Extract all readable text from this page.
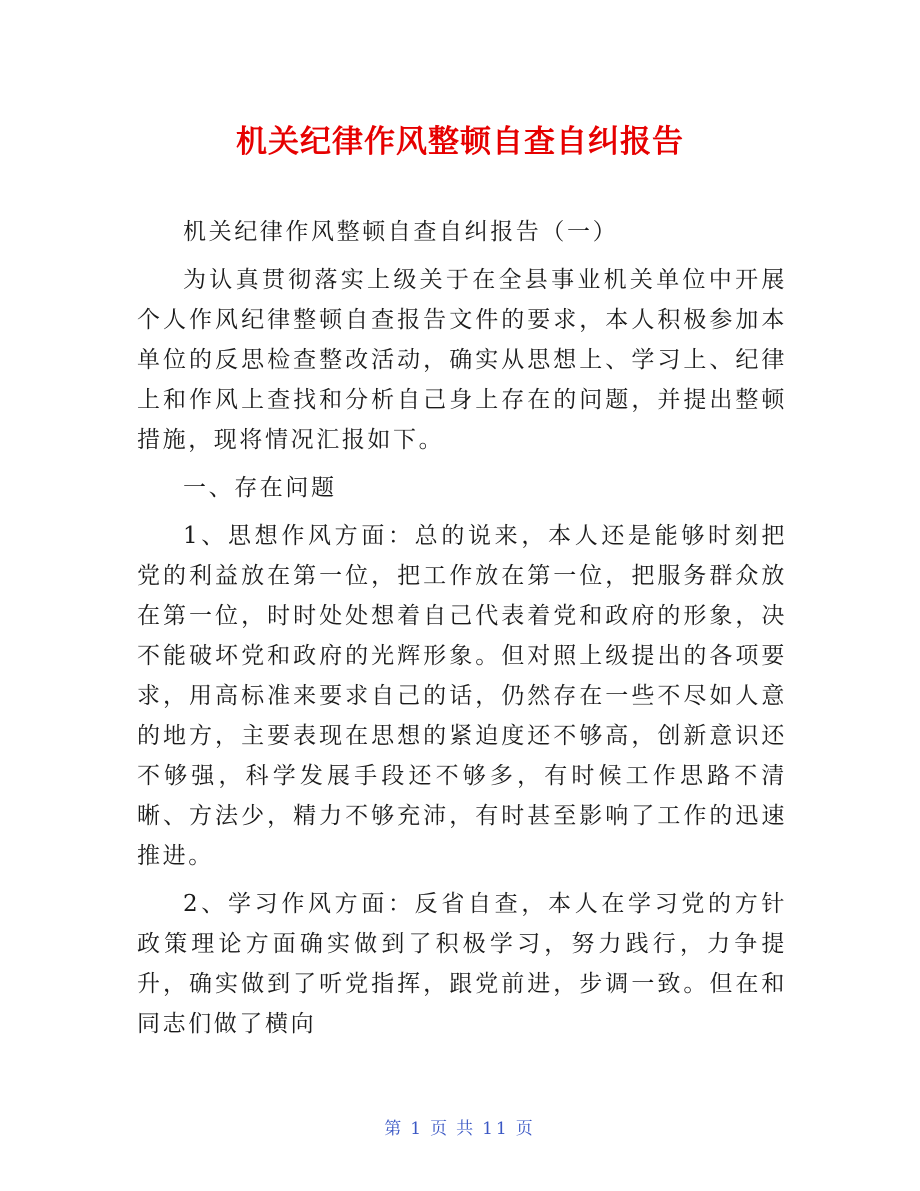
机关纪律作风整顿自查自纠报告

机关纪律作风整顿自查自纠报告（一）

为认真贯彻落实上级关于在全县事业机关单位中开展个人作风纪律整顿自查报告文件的要求，本人积极参加本单位的反思检查整改活动，确实从思想上、学习上、纪律上和作风上查找和分析自己身上存在的问题，并提出整顿措施，现将情况汇报如下。

一、存在问题

1、思想作风方面：总的说来，本人还是能够时刻把党的利益放在第一位，把工作放在第一位，把服务群众放在第一位，时时处处想着自己代表着党和政府的形象，决不能破坏党和政府的光辉形象。但对照上级提出的各项要求，用高标准来要求自己的话，仍然存在一些不尽如人意的地方，主要表现在思想的紧迫度还不够高，创新意识还不够强，科学发展手段还不够多，有时候工作思路不清晰、方法少，精力不够充沛，有时甚至影响了工作的迅速推进。

2、学习作风方面：反省自查，本人在学习党的方针政策理论方面确实做到了积极学习，努力践行，力争提升，确实做到了听党指挥，跟党前进，步调一致。但在和同志们做了横向

第 1 页 共 11 页
